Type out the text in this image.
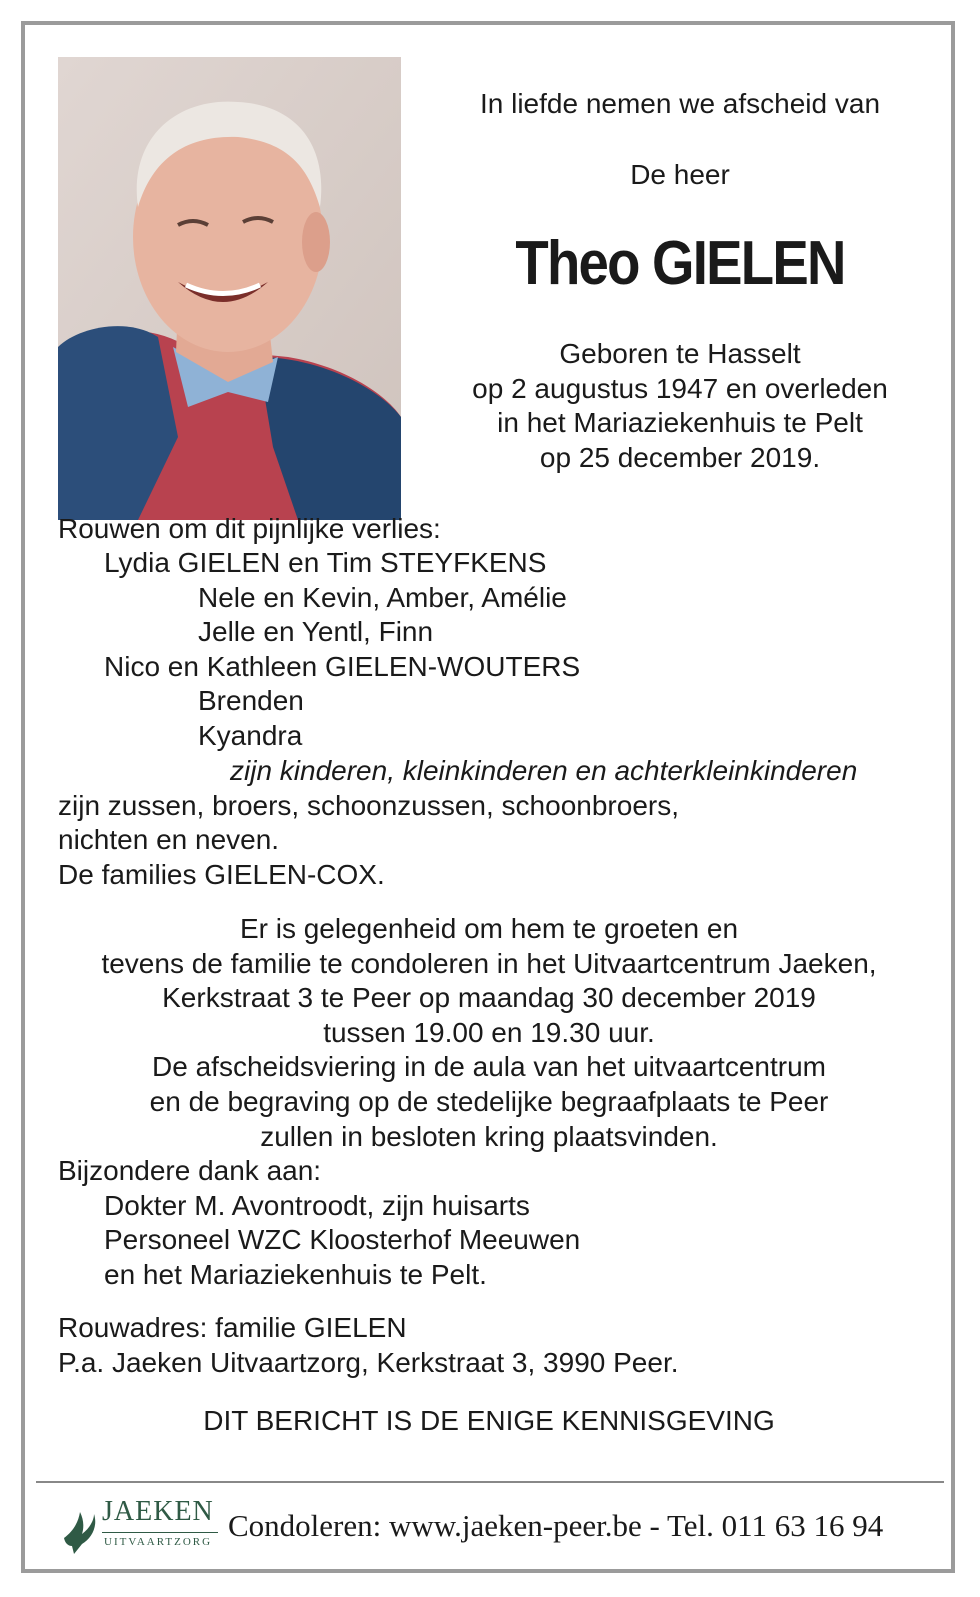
In liefde nemen we afscheid van
De heer
Theo GIELEN
Geboren te Hasselt
op 2 augustus 1947 en overleden
in het Mariaziekenhuis te Pelt
op 25 december 2019.
Rouwen om dit pijnlijke verlies:
Lydia GIELEN en Tim STEYFKENS
Nele en Kevin, Amber, Amélie
Jelle en Yentl, Finn
Nico en Kathleen GIELEN-WOUTERS
Brenden
Kyandra
zijn kinderen, kleinkinderen en achterkleinkinderen
zijn zussen, broers, schoonzussen, schoonbroers,
nichten en neven.
De families GIELEN-COX.
Er is gelegenheid om hem te groeten en
tevens de familie te condoleren in het Uitvaartcentrum Jaeken,
Kerkstraat 3 te Peer op maandag 30 december 2019
tussen 19.00 en 19.30 uur.
De afscheidsviering in de aula van het uitvaartcentrum
en de begraving op de stedelijke begraafplaats te Peer
zullen in besloten kring plaatsvinden.
Bijzondere dank aan:
Dokter M. Avontroodt, zijn huisarts
Personeel WZC Kloosterhof Meeuwen
en het Mariaziekenhuis te Pelt.
Rouwadres: familie GIELEN
P.a. Jaeken Uitvaartzorg, Kerkstraat 3, 3990 Peer.
DIT BERICHT IS DE ENIGE KENNISGEVING
JAEKEN
UITVAARTZORG Condoleren: www.jaeken-peer.be - Tel. 011 63 16 94
